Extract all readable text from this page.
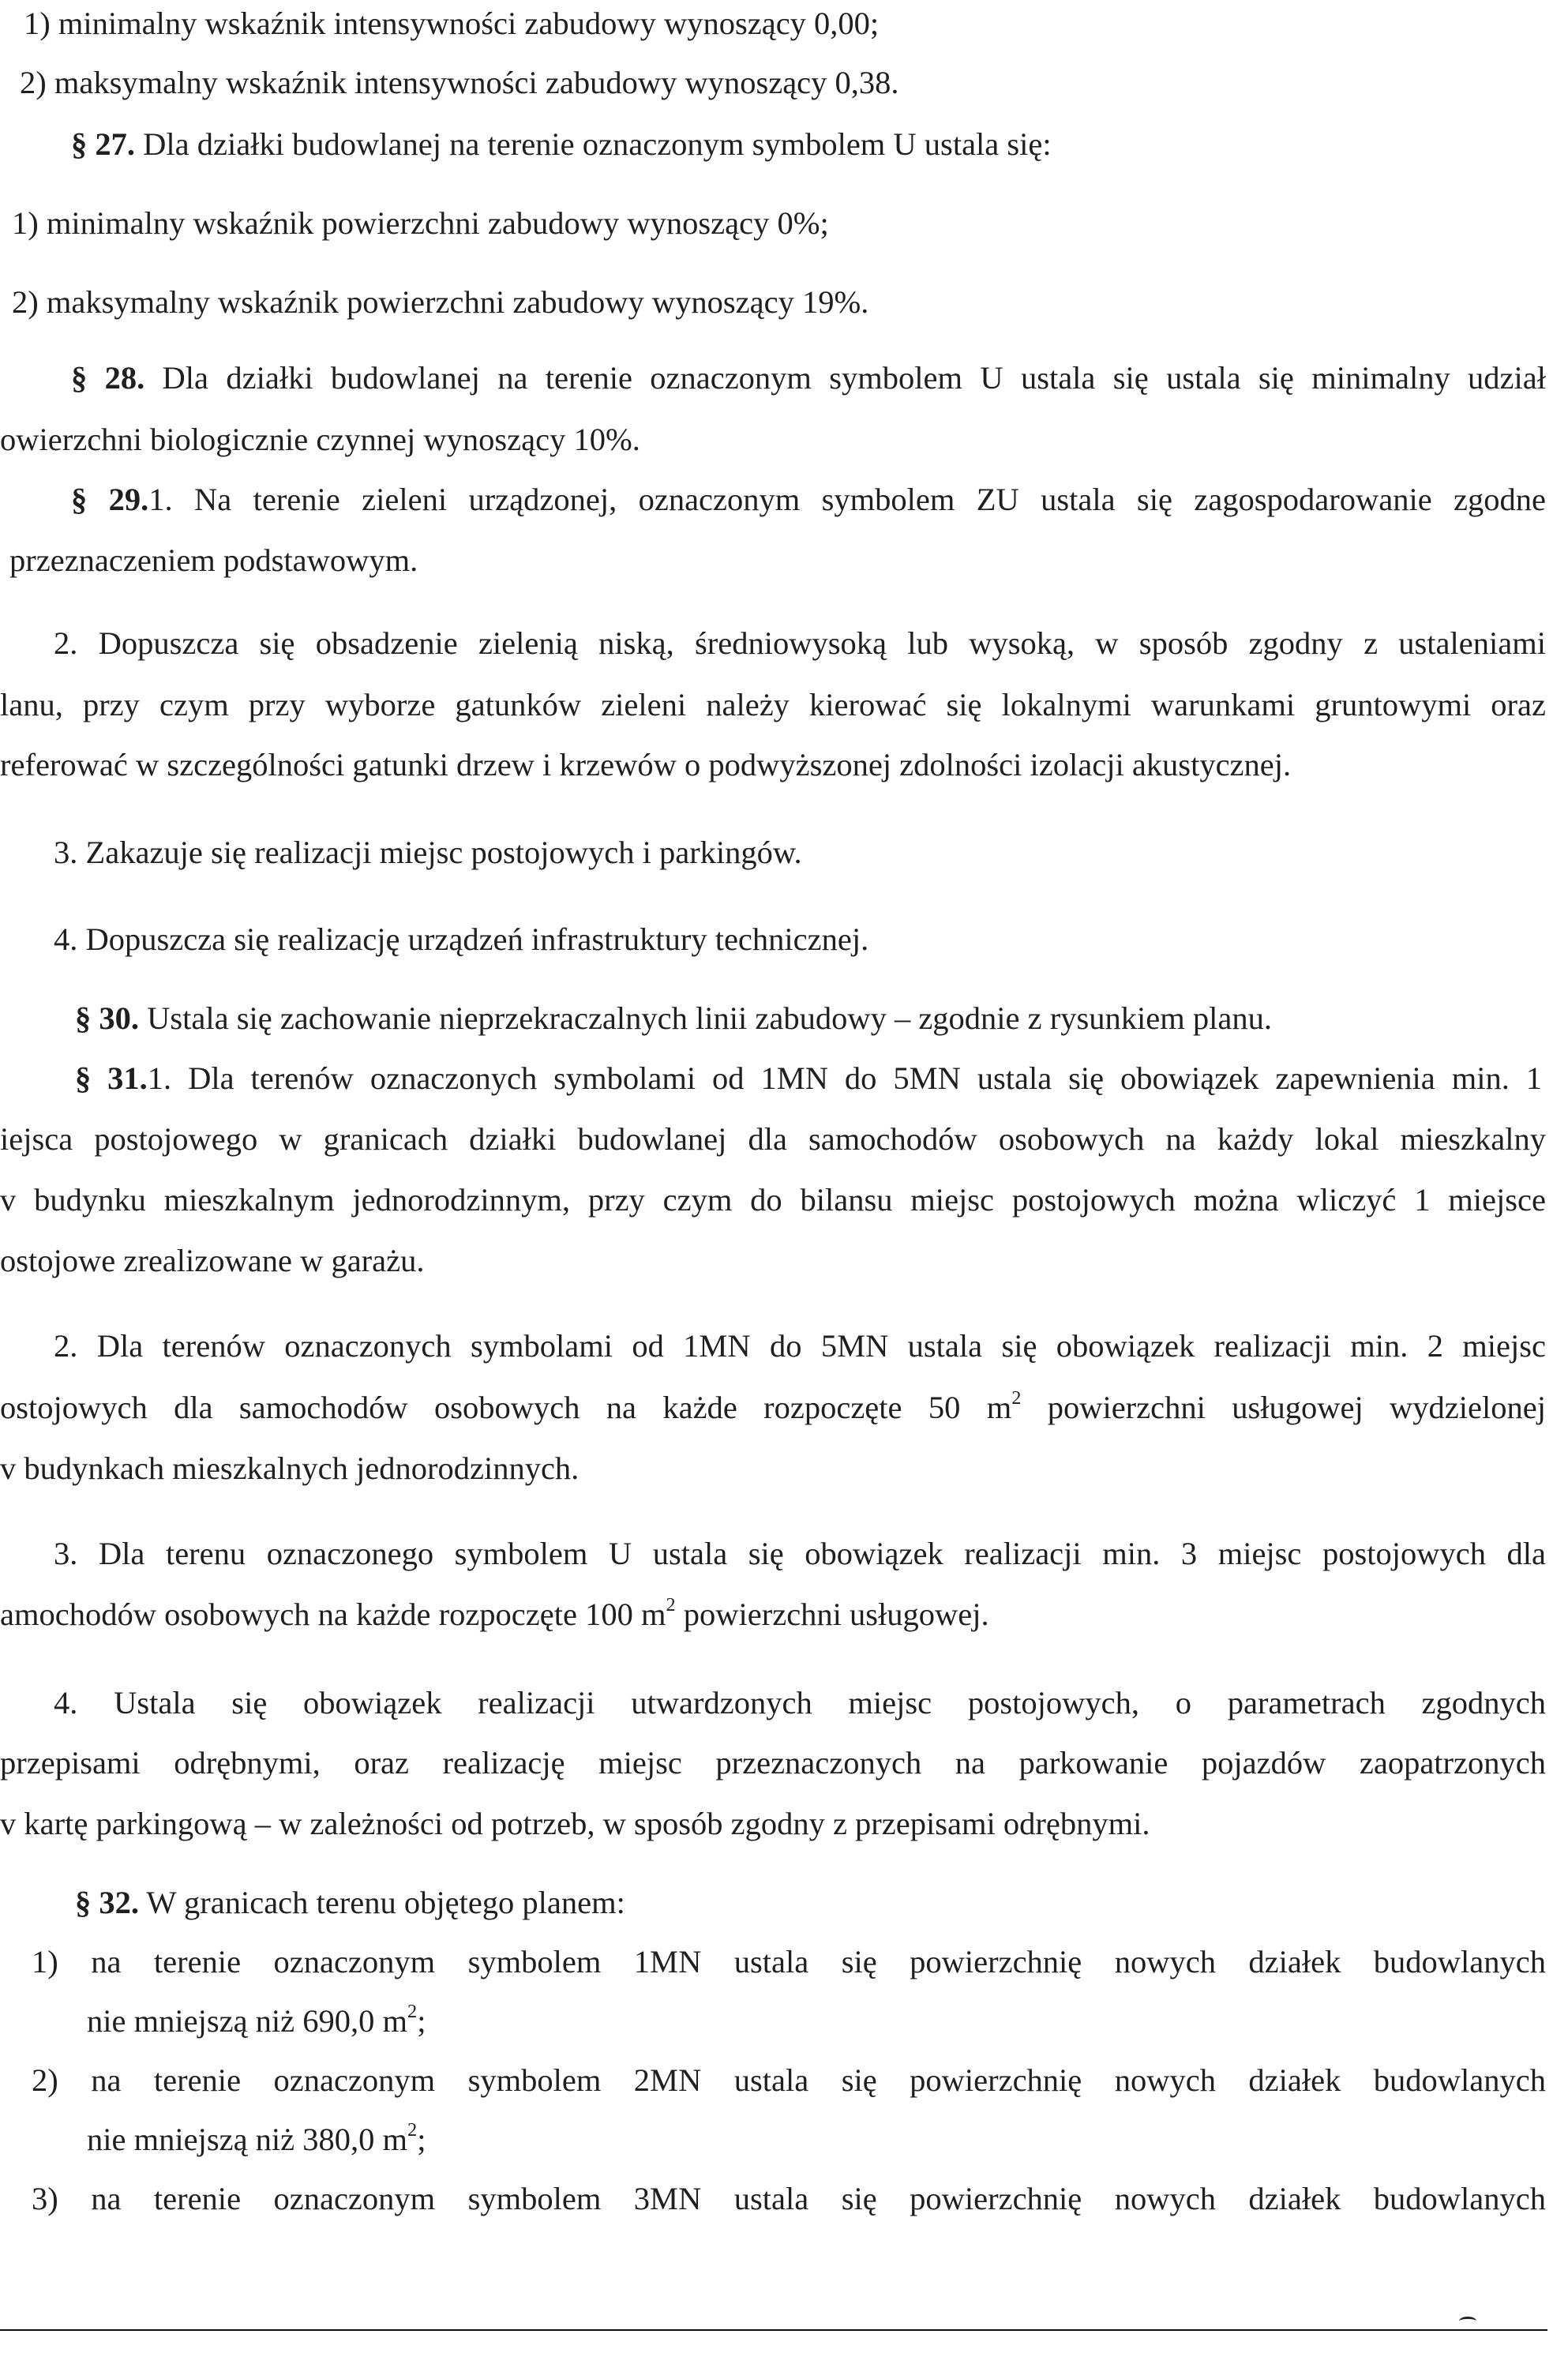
1) minimalny wskaźnik intensywności zabudowy wynoszący 0,00;

2) maksymalny wskaźnik intensywności zabudowy wynoszący 0,38.

§ 27. Dla działki budowlanej na terenie oznaczonym symbolem U ustala się:

1) minimalny wskaźnik powierzchni zabudowy wynoszący 0%;

2) maksymalny wskaźnik powierzchni zabudowy wynoszący 19%.

§ 28. Dla działki budowlanej na terenie oznaczonym symbolem U ustala się ustala się minimalny udział

owierzchni biologicznie czynnej wynoszący 10%.

§ 29.1. Na terenie zieleni urządzonej, oznaczonym symbolem ZU ustala się zagospodarowanie zgodne

przeznaczeniem podstawowym.

2. Dopuszcza się obsadzenie zielenią niską, średniowysoką lub wysoką, w sposób zgodny z ustaleniami

lanu, przy czym przy wyborze gatunków zieleni należy kierować się lokalnymi warunkami gruntowymi oraz

referować w szczególności gatunki drzew i krzewów o podwyższonej zdolności izolacji akustycznej.

3. Zakazuje się realizacji miejsc postojowych i parkingów.

4. Dopuszcza się realizację urządzeń infrastruktury technicznej.

§ 30. Ustala się zachowanie nieprzekraczalnych linii zabudowy – zgodnie z rysunkiem planu.

§ 31.1. Dla terenów oznaczonych symbolami od 1MN do 5MN ustala się obowiązek zapewnienia min. 1

iejsca postojowego w granicach działki budowlanej dla samochodów osobowych na każdy lokal mieszkalny

v budynku mieszkalnym jednorodzinnym, przy czym do bilansu miejsc postojowych można wliczyć 1 miejsce

ostojowe zrealizowane w garażu.

2. Dla terenów oznaczonych symbolami od 1MN do 5MN ustala się obowiązek realizacji min. 2 miejsc

ostojowych dla samochodów osobowych na każde rozpoczęte 50 $m^2$ powierzchni usługowej wydzielonej

v budynkach mieszkalnych jednorodzinnych.

3. Dla terenu oznaczonego symbolem U ustala się obowiązek realizacji min. 3 miejsc postojowych dla

amochodów osobowych na każde rozpoczęte 100 $m^2$ powierzchni usługowej.

4. Ustala się obowiązek realizacji utwardzonych miejsc postojowych, o parametrach zgodnych

przepisami odrębnymi, oraz realizację miejsc przeznaczonych na parkowanie pojazdów zaopatrzonych

v kartę parkingową – w zależności od potrzeb, w sposób zgodny z przepisami odrębnymi.

§ 32. W granicach terenu objętego planem:

1) na terenie oznaczonym symbolem 1MN ustala się powierzchnię nowych działek budowlanych

nie mniejszą niż 690,0 $m^2$;

2) na terenie oznaczonym symbolem 2MN ustala się powierzchnię nowych działek budowlanych

nie mniejszą niż 380,0 $m^2$;

3) na terenie oznaczonym symbolem 3MN ustala się powierzchnię nowych działek budowlanych
